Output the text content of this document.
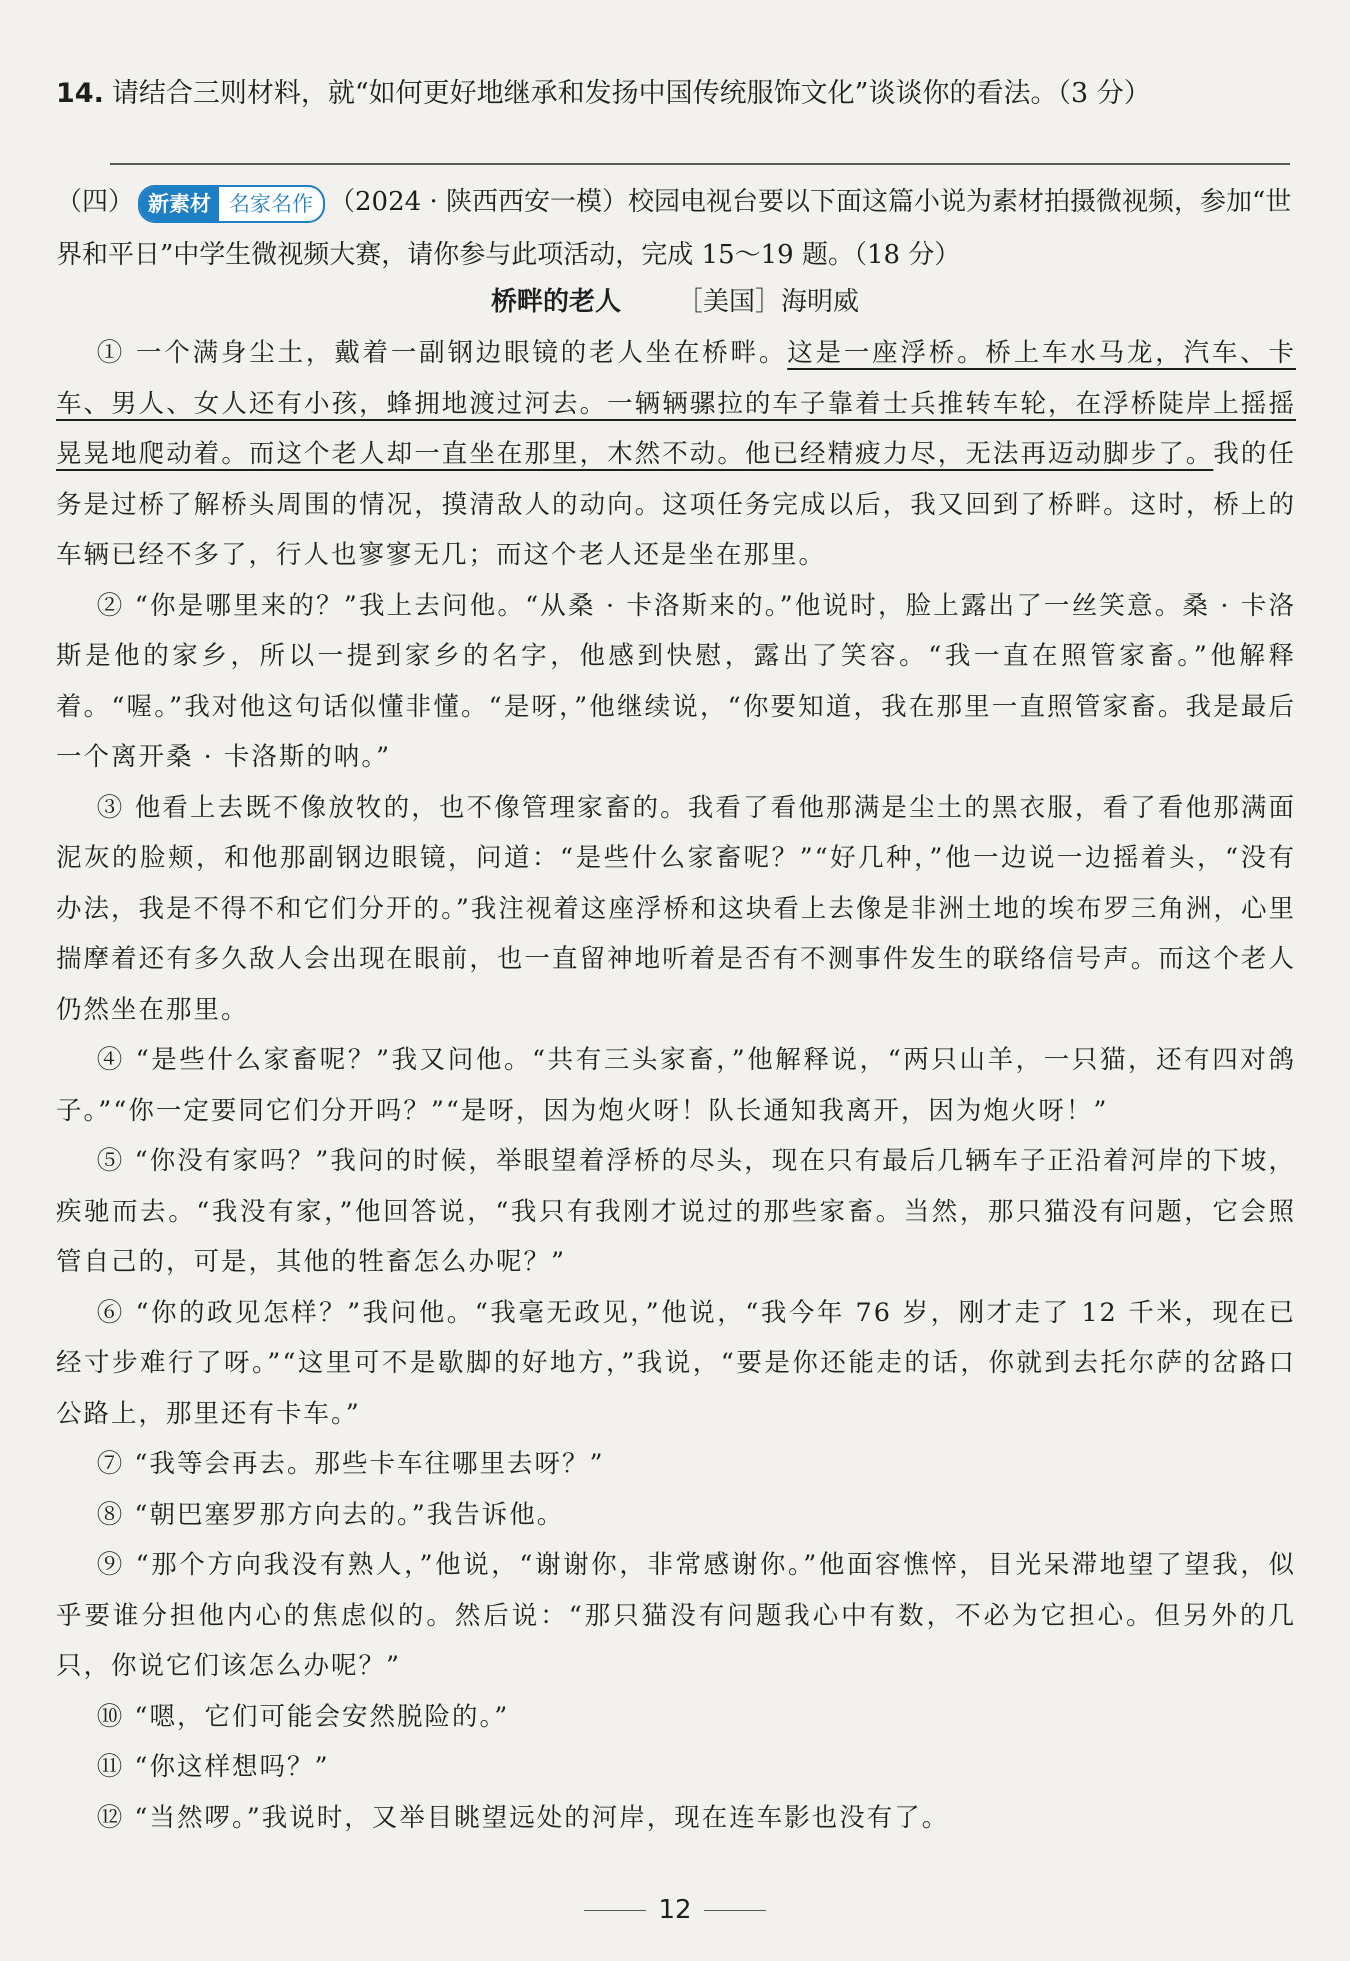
14. 请结合三则材料，就“如何更好地继承和发扬中国传统服饰文化”谈谈你的看法。（3 分）
（四） 新素材 名家名作 （2024 · 陕西西安一模）校园电视台要以下面这篇小说为素材拍摄微视频，参加“世界和平日”中学生微视频大赛，请你参与此项活动，完成 15～19 题。（18 分）
桥畔的老人 ［美国］海明威

① 一个满身尘土，戴着一副钢边眼镜的老人坐在桥畔。这是一座浮桥。桥上车水马龙，汽车、卡车、男人、女人还有小孩，蜂拥地渡过河去。一辆辆骡拉的车子靠着士兵推转车轮，在浮桥陡岸上摇摇晃晃地爬动着。而这个老人却一直坐在那里，木然不动。他已经精疲力尽，无法再迈动脚步了。我的任务是过桥了解桥头周围的情况，摸清敌人的动向。这项任务完成以后，我又回到了桥畔。这时，桥上的车辆已经不多了，行人也寥寥无几；而这个老人还是坐在那里。

② “你是哪里来的？”我上去问他。“从桑 · 卡洛斯来的。”他说时，脸上露出了一丝笑意。桑 · 卡洛斯是他的家乡，所以一提到家乡的名字，他感到快慰，露出了笑容。“我一直在照管家畜。”他解释着。“喔。”我对他这句话似懂非懂。“是呀，”他继续说，“你要知道，我在那里一直照管家畜。我是最后一个离开桑 · 卡洛斯的呐。”

③ 他看上去既不像放牧的，也不像管理家畜的。我看了看他那满是尘土的黑衣服，看了看他那满面泥灰的脸颊，和他那副钢边眼镜，问道：“是些什么家畜呢？”“好几种，”他一边说一边摇着头，“没有办法，我是不得不和它们分开的。”我注视着这座浮桥和这块看上去像是非洲土地的埃布罗三角洲，心里揣摩着还有多久敌人会出现在眼前，也一直留神地听着是否有不测事件发生的联络信号声。而这个老人仍然坐在那里。

④ “是些什么家畜呢？”我又问他。“共有三头家畜，”他解释说，“两只山羊，一只猫，还有四对鸽子。”“你一定要同它们分开吗？”“是呀，因为炮火呀！队长通知我离开，因为炮火呀！”

⑤ “你没有家吗？”我问的时候，举眼望着浮桥的尽头，现在只有最后几辆车子正沿着河岸的下坡，疾驰而去。“我没有家，”他回答说，“我只有我刚才说过的那些家畜。当然，那只猫没有问题，它会照管自己的，可是，其他的牲畜怎么办呢？”

⑥ “你的政见怎样？”我问他。“我毫无政见，”他说，“我今年 76 岁，刚才走了 12 千米，现在已经寸步难行了呀。”“这里可不是歇脚的好地方，”我说，“要是你还能走的话，你就到去托尔萨的岔路口公路上，那里还有卡车。”

⑦ “我等会再去。那些卡车往哪里去呀？”

⑧ “朝巴塞罗那方向去的。”我告诉他。

⑨ “那个方向我没有熟人，”他说，“谢谢你，非常感谢你。”他面容憔悴，目光呆滞地望了望我，似乎要谁分担他内心的焦虑似的。然后说：“那只猫没有问题我心中有数，不必为它担心。但另外的几只，你说它们该怎么办呢？”

⑩ “嗯，它们可能会安然脱险的。”

⑪ “你这样想吗？”

⑫ “当然啰。”我说时，又举目眺望远处的河岸，现在连车影也没有了。

12
